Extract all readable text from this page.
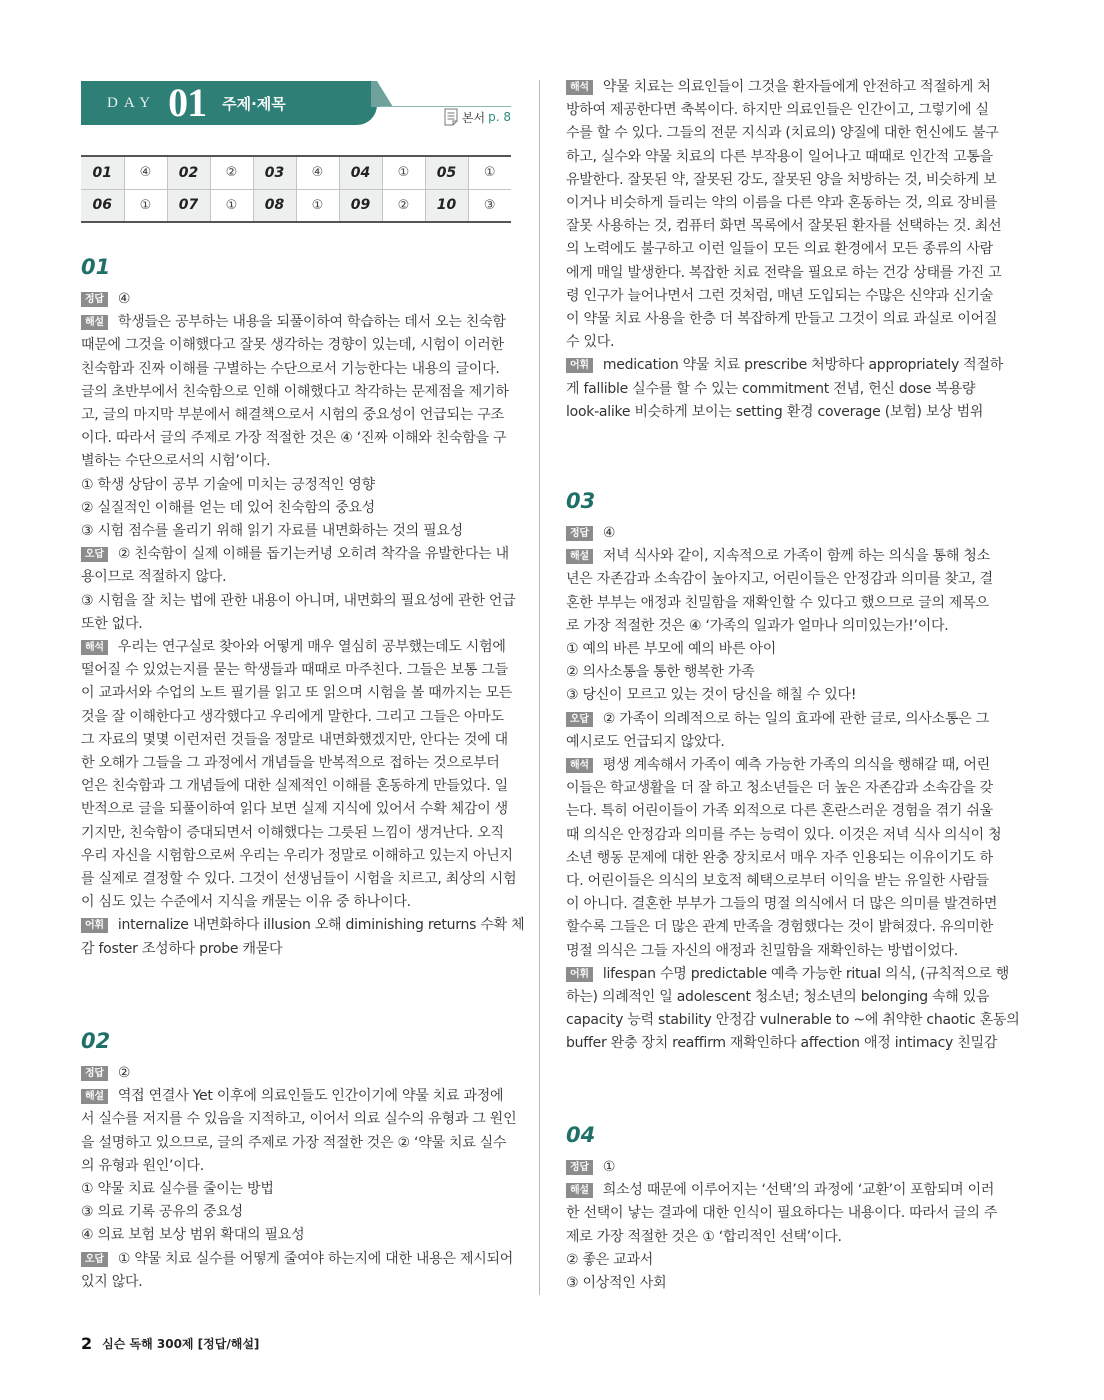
DAY 01 주제·제목
본서 p. 8
01	④	02	②	03	④	04	①	05	①
06	①	07	①	08	①	09	②	10	③
01
정답 ④
해설 학생들은 공부하는 내용을 되풀이하여 학습하는 데서 오는 친숙함
때문에 그것을 이해했다고 잘못 생각하는 경향이 있는데, 시험이 이러한
친숙함과 진짜 이해를 구별하는 수단으로서 기능한다는 내용의 글이다.
글의 초반부에서 친숙함으로 인해 이해했다고 착각하는 문제점을 제기하
고, 글의 마지막 부분에서 해결책으로서 시험의 중요성이 언급되는 구조
이다. 따라서 글의 주제로 가장 적절한 것은 ④ ‘진짜 이해와 친숙함을 구
별하는 수단으로서의 시험’이다.
① 학생 상담이 공부 기술에 미치는 긍정적인 영향
② 실질적인 이해를 얻는 데 있어 친숙함의 중요성
③ 시험 점수를 올리기 위해 읽기 자료를 내면화하는 것의 필요성
오답 ② 친숙함이 실제 이해를 돕기는커녕 오히려 착각을 유발한다는 내
용이므로 적절하지 않다.
③ 시험을 잘 치는 법에 관한 내용이 아니며, 내면화의 필요성에 관한 언급
또한 없다.
해석 우리는 연구실로 찾아와 어떻게 매우 열심히 공부했는데도 시험에
떨어질 수 있었는지를 묻는 학생들과 때때로 마주친다. 그들은 보통 그들
이 교과서와 수업의 노트 필기를 읽고 또 읽으며 시험을 볼 때까지는 모든
것을 잘 이해한다고 생각했다고 우리에게 말한다. 그리고 그들은 아마도
그 자료의 몇몇 이런저런 것들을 정말로 내면화했겠지만, 안다는 것에 대
한 오해가 그들을 그 과정에서 개념들을 반복적으로 접하는 것으로부터
얻은 친숙함과 그 개념들에 대한 실제적인 이해를 혼동하게 만들었다. 일
반적으로 글을 되풀이하여 읽다 보면 실제 지식에 있어서 수확 체감이 생
기지만, 친숙함이 증대되면서 이해했다는 그릇된 느낌이 생겨난다. 오직
우리 자신을 시험함으로써 우리는 우리가 정말로 이해하고 있는지 아닌지
를 실제로 결정할 수 있다. 그것이 선생님들이 시험을 치르고, 최상의 시험
이 심도 있는 수준에서 지식을 캐묻는 이유 중 하나이다.
어휘 internalize 내면화하다 illusion 오해 diminishing returns 수확 체
감 foster 조성하다 probe 캐묻다
02
정답 ②
해설 역접 연결사 Yet 이후에 의료인들도 인간이기에 약물 치료 과정에
서 실수를 저지를 수 있음을 지적하고, 이어서 의료 실수의 유형과 그 원인
을 설명하고 있으므로, 글의 주제로 가장 적절한 것은 ② ‘약물 치료 실수
의 유형과 원인’이다.
① 약물 치료 실수를 줄이는 방법
③ 의료 기록 공유의 중요성
④ 의료 보험 보상 범위 확대의 필요성
오답 ① 약물 치료 실수를 어떻게 줄여야 하는지에 대한 내용은 제시되어
있지 않다.
해석 약물 치료는 의료인들이 그것을 환자들에게 안전하고 적절하게 처
방하여 제공한다면 축복이다. 하지만 의료인들은 인간이고, 그렇기에 실
수를 할 수 있다. 그들의 전문 지식과 (치료의) 양질에 대한 헌신에도 불구
하고, 실수와 약물 치료의 다른 부작용이 일어나고 때때로 인간적 고통을
유발한다. 잘못된 약, 잘못된 강도, 잘못된 양을 처방하는 것, 비슷하게 보
이거나 비슷하게 들리는 약의 이름을 다른 약과 혼동하는 것, 의료 장비를
잘못 사용하는 것, 컴퓨터 화면 목록에서 잘못된 환자를 선택하는 것. 최선
의 노력에도 불구하고 이런 일들이 모든 의료 환경에서 모든 종류의 사람
에게 매일 발생한다. 복잡한 치료 전략을 필요로 하는 건강 상태를 가진 고
령 인구가 늘어나면서 그런 것처럼, 매년 도입되는 수많은 신약과 신기술
이 약물 치료 사용을 한층 더 복잡하게 만들고 그것이 의료 과실로 이어질
수 있다.
어휘 medication 약물 치료 prescribe 처방하다 appropriately 적절하
게 fallible 실수를 할 수 있는 commitment 전념, 헌신 dose 복용량
look-alike 비슷하게 보이는 setting 환경 coverage (보험) 보상 범위
03
정답 ④
해설 저녁 식사와 같이, 지속적으로 가족이 함께 하는 의식을 통해 청소
년은 자존감과 소속감이 높아지고, 어린이들은 안정감과 의미를 찾고, 결
혼한 부부는 애정과 친밀함을 재확인할 수 있다고 했으므로 글의 제목으
로 가장 적절한 것은 ④ ‘가족의 일과가 얼마나 의미있는가!’이다.
① 예의 바른 부모에 예의 바른 아이
② 의사소통을 통한 행복한 가족
③ 당신이 모르고 있는 것이 당신을 해칠 수 있다!
오답 ② 가족이 의례적으로 하는 일의 효과에 관한 글로, 의사소통은 그
예시로도 언급되지 않았다.
해석 평생 계속해서 가족이 예측 가능한 가족의 의식을 행해갈 때, 어린
이들은 학교생활을 더 잘 하고 청소년들은 더 높은 자존감과 소속감을 갖
는다. 특히 어린이들이 가족 외적으로 다른 혼란스러운 경험을 겪기 쉬울
때 의식은 안정감과 의미를 주는 능력이 있다. 이것은 저녁 식사 의식이 청
소년 행동 문제에 대한 완충 장치로서 매우 자주 인용되는 이유이기도 하
다. 어린이들은 의식의 보호적 혜택으로부터 이익을 받는 유일한 사람들
이 아니다. 결혼한 부부가 그들의 명절 의식에서 더 많은 의미를 발견하면
할수록 그들은 더 많은 관계 만족을 경험했다는 것이 밝혀졌다. 유의미한
명절 의식은 그들 자신의 애정과 친밀함을 재확인하는 방법이었다.
어휘 lifespan 수명 predictable 예측 가능한 ritual 의식, (규칙적으로 행
하는) 의례적인 일 adolescent 청소년; 청소년의 belonging 속해 있음
capacity 능력 stability 안정감 vulnerable to ~에 취약한 chaotic 혼동의
buffer 완충 장치 reaffirm 재확인하다 affection 애정 intimacy 친밀감
04
정답 ①
해설 희소성 때문에 이루어지는 ‘선택’의 과정에 ‘교환’이 포함되며 이러
한 선택이 낳는 결과에 대한 인식이 필요하다는 내용이다. 따라서 글의 주
제로 가장 적절한 것은 ① ‘합리적인 선택’이다.
② 좋은 교과서
③ 이상적인 사회
2 심슨 독해 300제 [정답/해설]
